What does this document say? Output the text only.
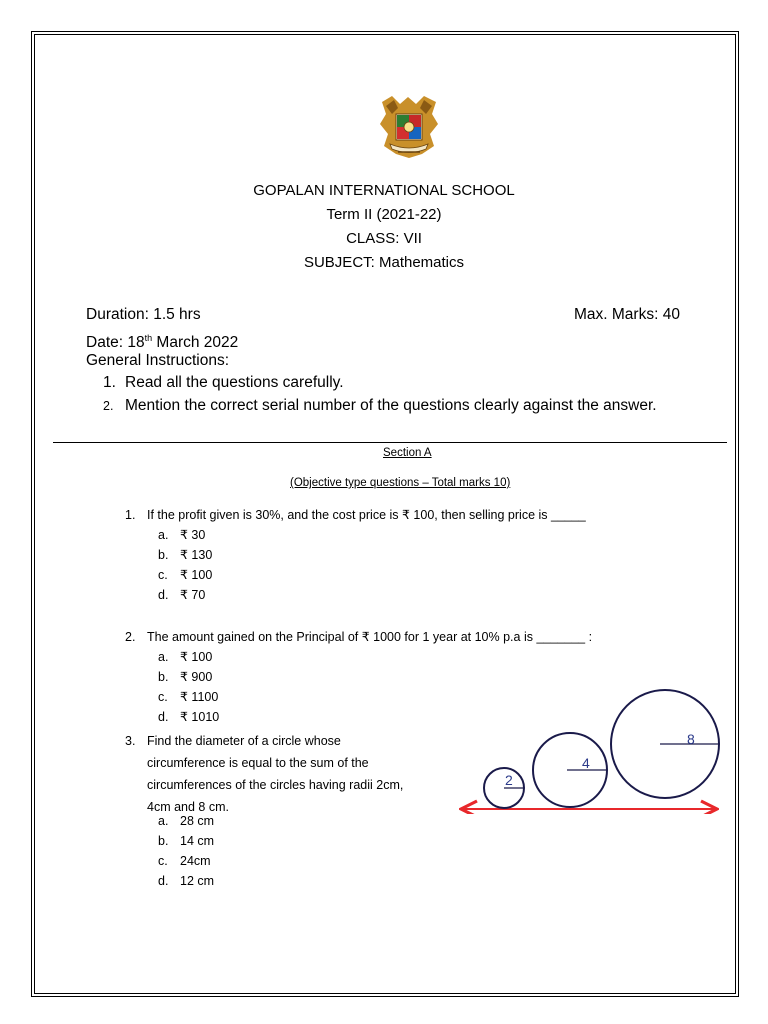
GOPALAN INTERNATIONAL SCHOOL
Term II (2021-22)
CLASS: VII
SUBJECT: Mathematics
Duration: 1.5 hrs	Max. Marks: 40
Date: 18th March 2022
General Instructions:
1. Read all the questions carefully.
2. Mention the correct serial number of the questions clearly against the answer.
Section A
(Objective type questions – Total marks 10)
1. If the profit given is 30%, and the cost price is ₹ 100, then selling price is _____
a. ₹ 30
b. ₹ 130
c. ₹ 100
d. ₹ 70
2. The amount gained on the Principal of ₹ 1000 for 1 year at 10% p.a is _______ :
a. ₹ 100
b. ₹ 900
c. ₹ 1100
d. ₹ 1010
3. Find the diameter of a circle whose
circumference is equal to the sum of the
circumferences of the circles having radii 2cm,
4cm and 8 cm.
a. 28 cm
b. 14 cm
c. 24cm
d. 12 cm
2
4
8
